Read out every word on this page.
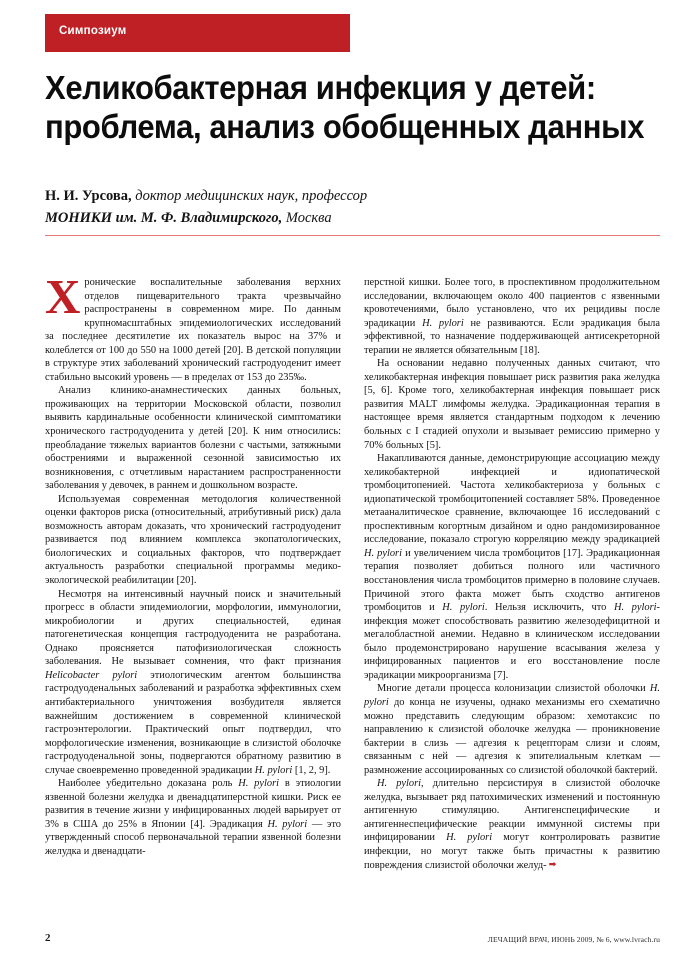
Симпозиум
Хеликобактерная инфекция у детей:
проблема, анализ обобщенных данных
Н. И. Урсова, доктор медицинских наук, профессор
МОНИКИ им. М. Ф. Владимирского, Москва

Хронические воспалительные заболевания верхних отделов пищеварительного тракта чрезвычайно распространены в современном мире. По данным крупномасштабных эпидемиологических исследований за последнее десятилетие их показатель вырос на 37% и колеблется от 100 до 550 на 1000 детей [20]. В детской популяции в структуре этих заболеваний хронический гастродуоденит имеет стабильно высокий уровень — в пределах от 153 до 235‰.

Анализ клинико-анамнестических данных больных, проживающих на территории Московской области, позволил выявить кардинальные особенности клинической симптоматики хронического гастродуоденита у детей [20]. К ним относились: преобладание тяжелых вариантов болезни с частыми, затяжными обострениями и выраженной сезонной зависимостью их возникновения, с отчетливым нарастанием распространенности заболевания у девочек, в раннем и дошкольном возрасте.

Используемая современная методология количественной оценки факторов риска (относительный, атрибутивный риск) дала возможность авторам доказать, что хронический гастродуоденит развивается под влиянием комплекса экопатологических, биологических и социальных факторов, что подтверждает актуальность разработки специальной программы медико-экологической реабилитации [20].

Несмотря на интенсивный научный поиск и значительный прогресс в области эпидемиологии, морфологии, иммунологии, микробиологии и других специальностей, единая патогенетическая концепция гастродуоденита не разработана. Однако проясняется патофизиологическая сложность заболевания. Не вызывает сомнения, что факт признания Helicobacter pylori этиологическим агентом большинства гастродуоденальных заболеваний и разработка эффективных схем антибактериального уничтожения возбудителя является важнейшим достижением в современной клинической гастроэнтерологии. Практический опыт подтвердил, что морфологические изменения, возникающие в слизистой оболочке гастродуоденальной зоны, подвергаются обратному развитию в случае своевременно проведенной эрадикации H. pylori [1, 2, 9].

Наиболее убедительно доказана роль H. pylori в этиологии язвенной болезни желудка и двенадцатиперстной кишки. Риск ее развития в течение жизни у инфицированных людей варьирует от 3% в США до 25% в Японии [4]. Эрадикация H. pylori — это утвержденный способ первоначальной терапии язвенной болезни желудка и двенадцати-

перстной кишки. Более того, в проспективном продолжительном исследовании, включающем около 400 пациентов с язвенными кровотечениями, было установлено, что их рецидивы после эрадикации H. pylori не развиваются. Если эрадикация была эффективной, то назначение поддерживающей антисекреторной терапии не является обязательным [18].

На основании недавно полученных данных считают, что хеликобактерная инфекция повышает риск развития рака желудка [5, 6]. Кроме того, хеликобактерная инфекция повышает риск развития MALT лимфомы желудка. Эрадикационная терапия в настоящее время является стандартным подходом к лечению больных с I стадией опухоли и вызывает ремиссию примерно у 70% больных [5].

Накапливаются данные, демонстрирующие ассоциацию между хеликобактерной инфекцией и идиопатической тромбоцитопенией. Частота хеликобактериоза у больных с идиопатической тромбоцитопенией составляет 58%. Проведенное метааналитическое сравнение, включающее 16 исследований с проспективным когортным дизайном и одно рандомизированное исследование, показало строгую корреляцию между эрадикацией H. pylori и увеличением числа тромбоцитов [17]. Эрадикационная терапия позволяет добиться полного или частичного восстановления числа тромбоцитов примерно в половине случаев. Причиной этого факта может быть сходство антигенов тромбоцитов и H. pylori. Нельзя исключить, что H. pylori-инфекция может способствовать развитию железодефицитной и мегалобластной анемии. Недавно в клиническом исследовании было продемонстрировано нарушение всасывания железа у инфицированных пациентов и его восстановление после эрадикации микроорганизма [7].

Многие детали процесса колонизации слизистой оболочки H. pylori до конца не изучены, однако механизмы его схематично можно представить следующим образом: хемотаксис по направлению к слизистой оболочке желудка — проникновение бактерии в слизь — адгезия к рецепторам слизи и слоям, связанным с ней — адгезия к эпителиальным клеткам — размножение ассоциированных со слизистой оболочкой бактерий.

H. pylori, длительно персистируя в слизистой оболочке желудка, вызывает ряд патохимических изменений и постоянную антигенную стимуляцию. Антигенспецифические и антигеннеспецифические реакции иммунной системы при инфицировании H. pylori могут контролировать развитие инфекции, но могут также быть причастны к развитию повреждения слизистой оболочки желуд- ➡

2	ЛЕЧАЩИЙ ВРАЧ, ИЮНЬ 2009, № 6, www.lvrach.ru
